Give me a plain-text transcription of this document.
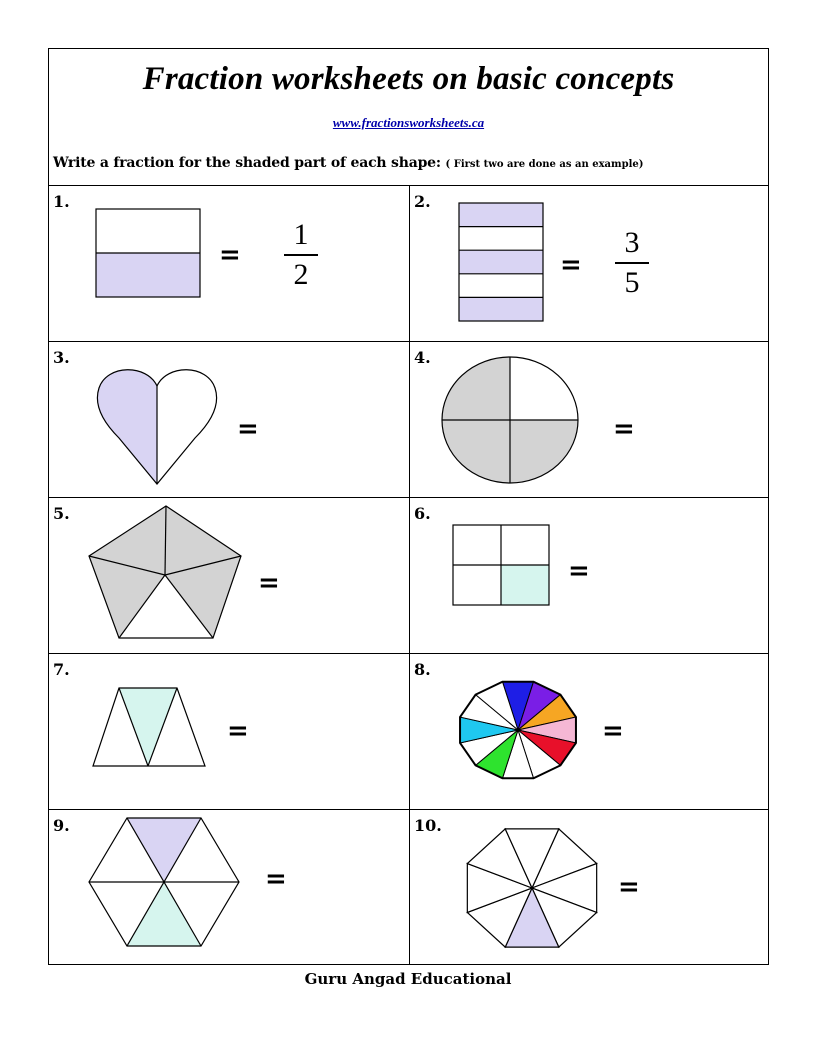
Fraction worksheets on basic concepts
www.fractionsworksheets.ca
Write a fraction for the shaded part of each shape: ( First two are done as an example)
1.
=
1
2
2.
=
3
5
3.
=
4.
=
5.
=
6.
=
7.
=
8.
=
9.
=
10.
=
Guru Angad Educational
